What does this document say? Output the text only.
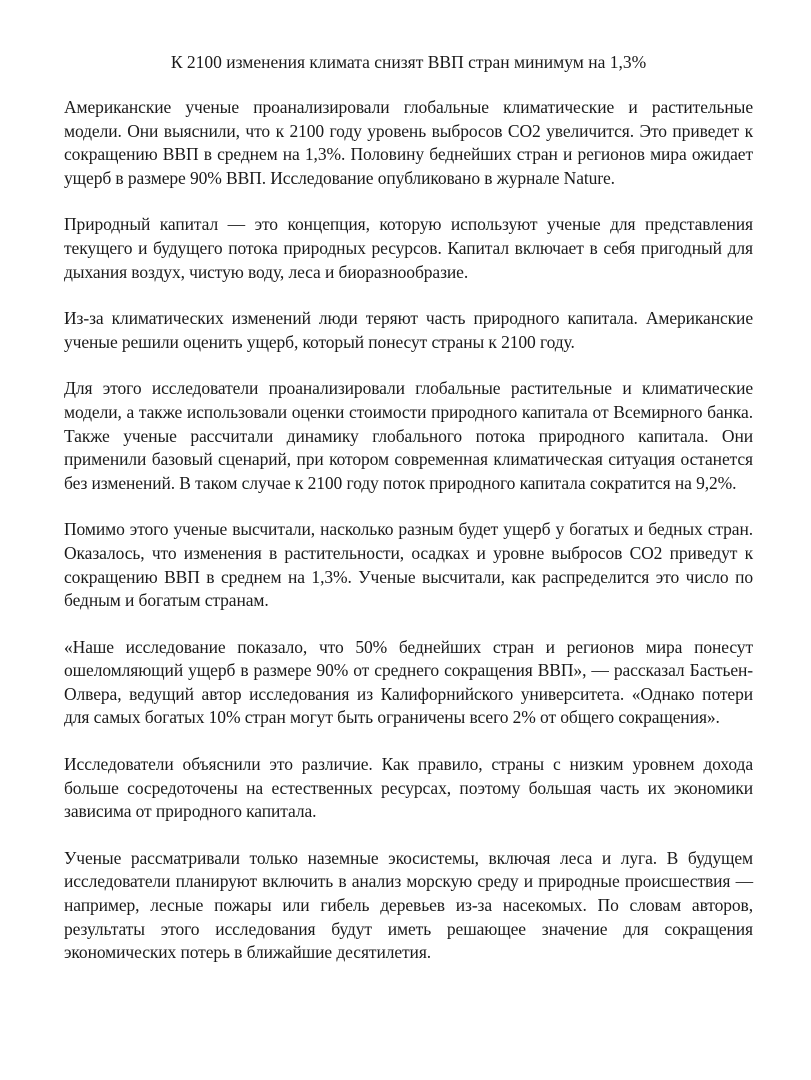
К 2100 изменения климата снизят ВВП стран минимум на 1,3%

Американские ученые проанализировали глобальные климатические и растительные модели. Они выяснили, что к 2100 году уровень выбросов CO2 увеличится. Это приведет к сокращению ВВП в среднем на 1,3%. Половину беднейших стран и регионов мира ожидает ущерб в размере 90% ВВП. Исследование опубликовано в журнале Nature.

Природный капитал — это концепция, которую используют ученые для представления текущего и будущего потока природных ресурсов. Капитал включает в себя пригодный для дыхания воздух, чистую воду, леса и биоразнообразие.

Из-за климатических изменений люди теряют часть природного капитала. Американские ученые решили оценить ущерб, который понесут страны к 2100 году.

Для этого исследователи проанализировали глобальные растительные и климатические модели, а также использовали оценки стоимости природного капитала от Всемирного банка. Также ученые рассчитали динамику глобального потока природного капитала. Они применили базовый сценарий, при котором современная климатическая ситуация останется без изменений. В таком случае к 2100 году поток природного капитала сократится на 9,2%.

Помимо этого ученые высчитали, насколько разным будет ущерб у богатых и бедных стран. Оказалось, что изменения в растительности, осадках и уровне выбросов CO2 приведут к сокращению ВВП в среднем на 1,3%. Ученые высчитали, как распределится это число по бедным и богатым странам.

«Наше исследование показало, что 50% беднейших стран и регионов мира понесут ошеломляющий ущерб в размере 90% от среднего сокращения ВВП», — рассказал Бастьен-Олвера, ведущий автор исследования из Калифорнийского университета. «Однако потери для самых богатых 10% стран могут быть ограничены всего 2% от общего сокращения».

Исследователи объяснили это различие. Как правило, страны с низким уровнем дохода больше сосредоточены на естественных ресурсах, поэтому большая часть их экономики зависима от природного капитала.

Ученые рассматривали только наземные экосистемы, включая леса и луга. В будущем исследователи планируют включить в анализ морскую среду и природные происшествия — например, лесные пожары или гибель деревьев из-за насекомых. По словам авторов, результаты этого исследования будут иметь решающее значение для сокращения экономических потерь в ближайшие десятилетия.
